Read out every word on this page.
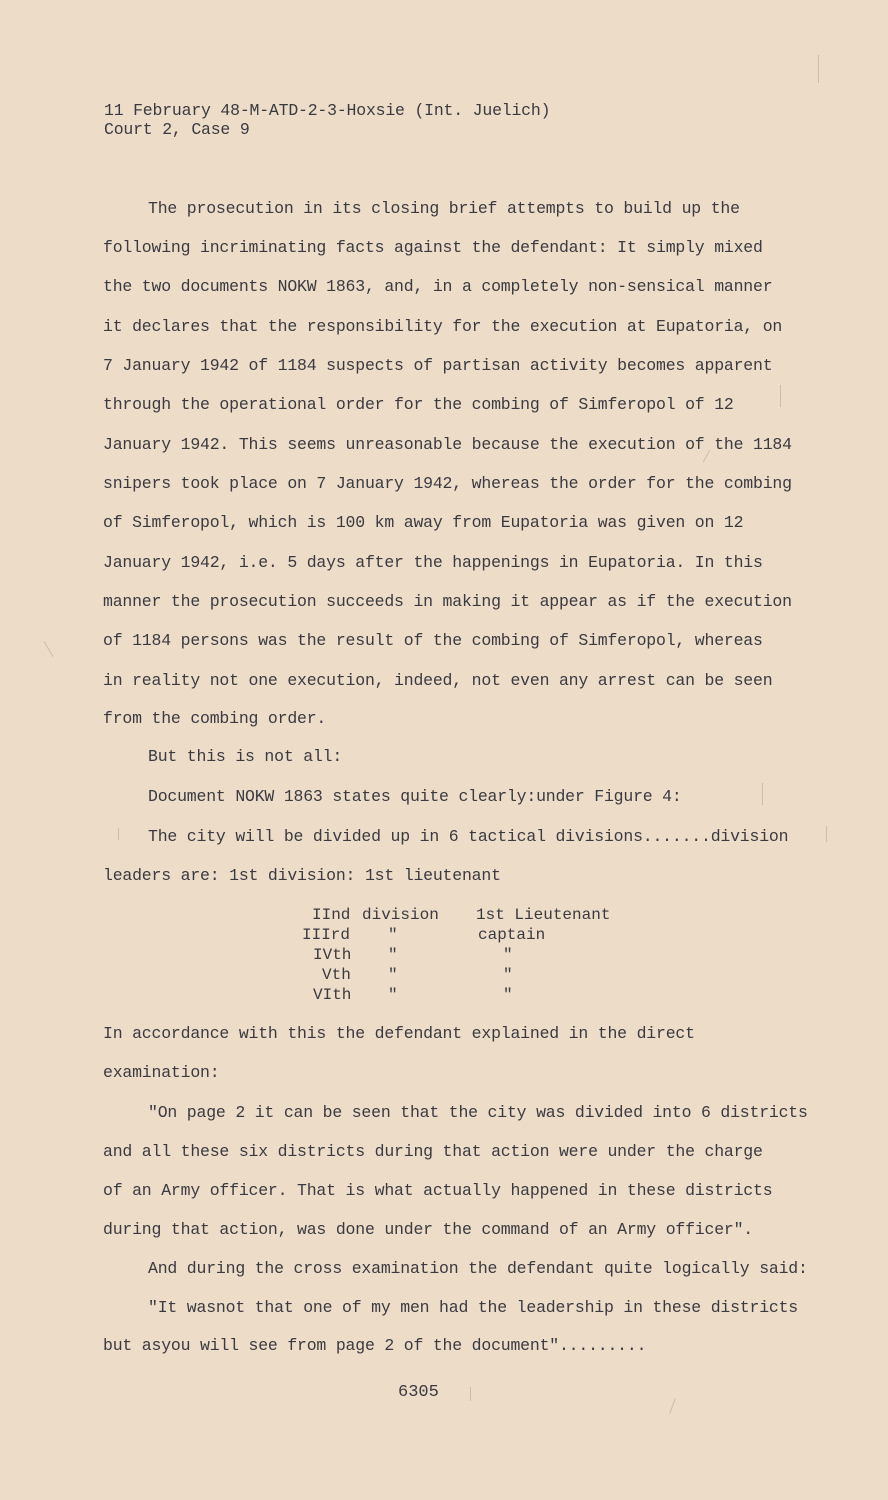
11 February 48-M-ATD-2-3-Hoxsie (Int. Juelich)
Court 2, Case 9
The prosecution in its closing brief attempts to build up the
following incriminating facts against the defendant: It simply mixed
the two documents NOKW 1863, and, in a completely non-sensical manner
it declares that the responsibility for the execution at Eupatoria, on
7 January 1942 of 1184 suspects of partisan activity becomes apparent
through the operational order for the combing of Simferopol of 12
January 1942. This seems unreasonable because the execution of the 1184
snipers took place on 7 January 1942, whereas the order for the combing
of Simferopol, which is 100 km away from Eupatoria was given on 12
January 1942, i.e. 5 days after the happenings in Eupatoria. In this
manner the prosecution succeeds in making it appear as if the execution
of 1184 persons was the result of the combing of Simferopol, whereas
in reality not one execution, indeed, not even any arrest can be seen
from the combing order.
But this is not all:
Document NOKW 1863 states quite clearly:under Figure 4:
The city will be divided up in 6 tactical divisions.......division
leaders are: 1st division: 1st lieutenant
IInd division 1st Lieutenant
IIIrd "	captain
IVth "	"
Vth "	"
VIth "	"
In accordance with this the defendant explained in the direct
examination:
"On page 2 it can be seen that the city was divided into 6 districts
and all these six districts during that action were under the charge
of an Army officer. That is what actually happened in these districts
during that action, was done under the command of an Army officer".
And during the cross examination the defendant quite logically said:
"It wasnot that one of my men had the leadership in these districts
but asyou will see from page 2 of the document".........
6305
